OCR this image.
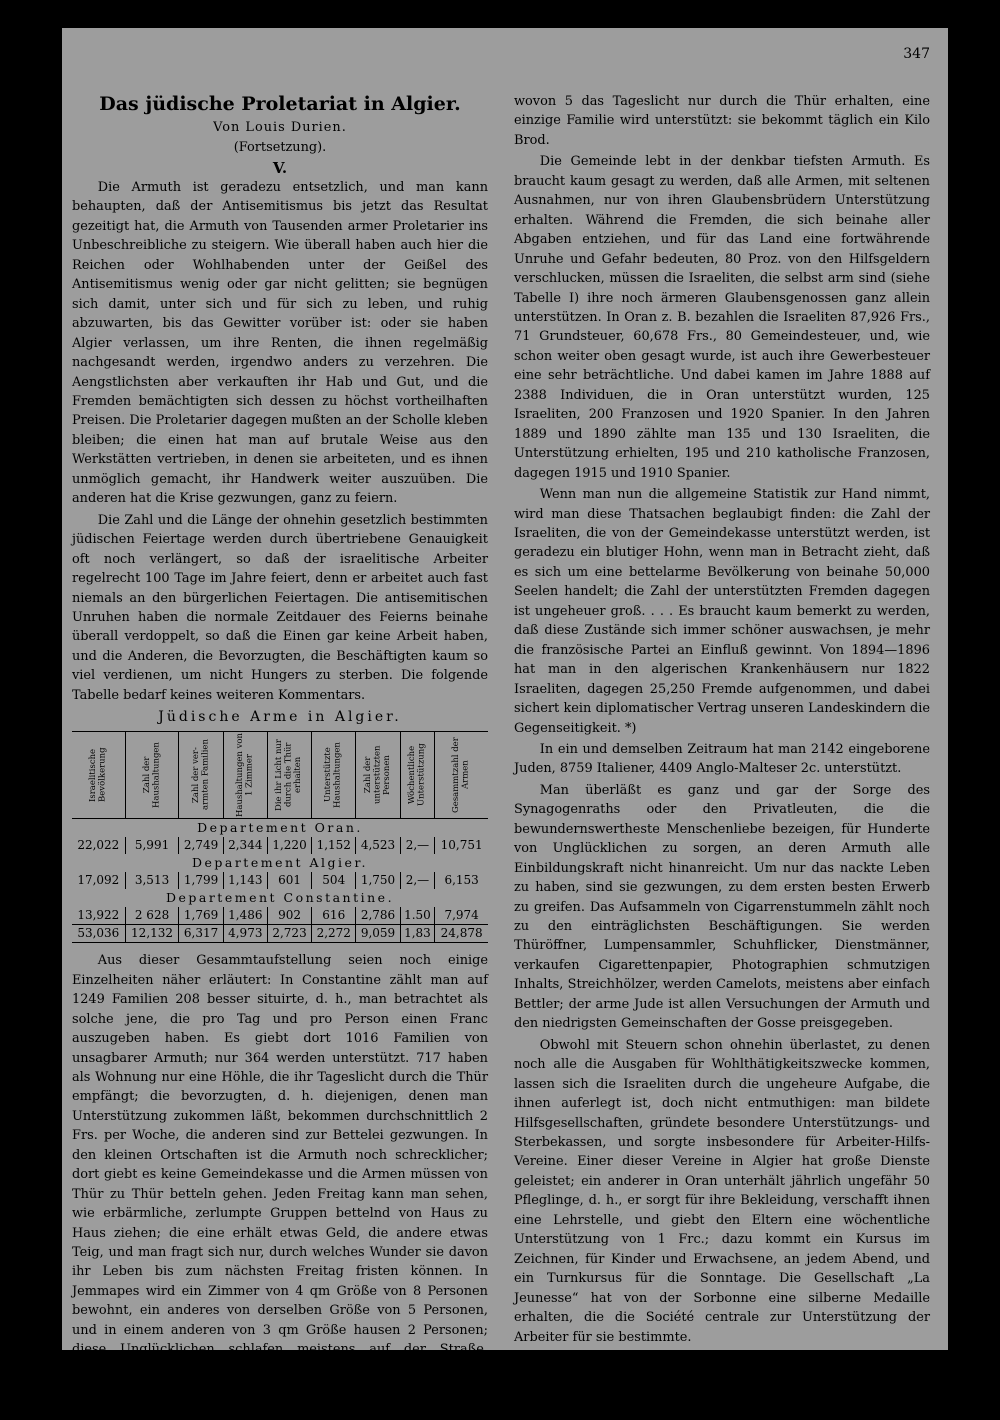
347
Das jüdische Proletariat in Algier.
Von Louis Durien.
(Fortsetzung).
V.
Die Armuth ist geradezu entsetzlich, und man kann behaupten, daß der Antisemitismus bis jetzt das Resultat gezeitigt hat, die Armuth von Tausenden armer Proletarier ins Unbeschreibliche zu steigern. Wie überall haben auch hier die Reichen oder Wohlhabenden unter der Geißel des Antisemitismus wenig oder gar nicht gelitten; sie begnügen sich damit, unter sich und für sich zu leben, und ruhig abzuwarten, bis das Gewitter vorüber ist: oder sie haben Algier verlassen, um ihre Renten, die ihnen regelmäßig nachgesandt werden, irgendwo anders zu verzehren. Die Aengstlichsten aber verkauften ihr Hab und Gut, und die Fremden bemächtigten sich dessen zu höchst vortheilhaften Preisen. Die Proletarier dagegen mußten an der Scholle kleben bleiben; die einen hat man auf brutale Weise aus den Werkstätten vertrieben, in denen sie arbeiteten, und es ihnen unmöglich gemacht, ihr Handwerk weiter auszuüben. Die anderen hat die Krise gezwungen, ganz zu feiern.
Die Zahl und die Länge der ohnehin gesetzlich bestimmten jüdischen Feiertage werden durch übertriebene Genauigkeit oft noch verlängert, so daß der israelitische Arbeiter regelrecht 100 Tage im Jahre feiert, denn er arbeitet auch fast niemals an den bürgerlichen Feiertagen. Die antisemitischen Unruhen haben die normale Zeitdauer des Feierns beinahe überall verdoppelt, so daß die Einen gar keine Arbeit haben, und die Anderen, die Bevorzugten, die Beschäftigten kaum so viel verdienen, um nicht Hungers zu sterben. Die folgende Tabelle bedarf keines weiteren Kommentars.
Jüdische Arme in Algier.
Israelitische Bevölkerung	Zahl der Haushaltungen	Zahl der ver-armten Familien	Haushaltungen von 1 Zimmer	Die ihr Licht nur durch die Thür erhalten	Unterstützte Haushaltungen	Zahl der unterstützten Personen	Wöchentliche Unterstützung	Gesammtzahl der Armen

Departement Oran.								
22,022	5,991	2,749	2,344	1,220	1,152	4,523	2,—	10,751
Departement Algier.								
17,092	3,513	1,799	1,143	601	504	1,750	2,—	6,153
Departement Constantine.								
13,922	2 628	1,769	1,486	902	616	2,786	1.50	7,974
53,036	12,132	6,317	4,973	2,723	2,272	9,059	1,83	24,878
Aus dieser Gesammtaufstellung seien noch einige Einzelheiten näher erläutert: In Constantine zählt man auf 1249 Familien 208 besser situirte, d. h., man betrachtet als solche jene, die pro Tag und pro Person einen Franc auszugeben haben. Es giebt dort 1016 Familien von unsagbarer Armuth; nur 364 werden unterstützt. 717 haben als Wohnung nur eine Höhle, die ihr Tageslicht durch die Thür empfängt; die bevorzugten, d. h. diejenigen, denen man Unterstützung zukommen läßt, bekommen durchschnittlich 2 Frs. per Woche, die anderen sind zur Bettelei gezwungen. In den kleinen Ortschaften ist die Armuth noch schrecklicher; dort giebt es keine Gemeindekasse und die Armen müssen von Thür zu Thür betteln gehen. Jeden Freitag kann man sehen, wie erbärmliche, zerlumpte Gruppen bettelnd von Haus zu Haus ziehen; die eine erhält etwas Geld, die andere etwas Teig, und man fragt sich nur, durch welches Wunder sie davon ihr Leben bis zum nächsten Freitag fristen können. In Jemmapes wird ein Zimmer von 4 qm Größe von 8 Personen bewohnt, ein anderes von derselben Größe von 5 Personen, und in einem anderen von 3 qm Größe hausen 2 Personen; diese Unglücklichen schlafen meistens auf der Straße, besonders im Sommer. In M'sila findet man mitleiderregende „gourbis“; in Biskra bewohnen von 26 Familien 16 nur je eine einzige Stube,
wovon 5 das Tageslicht nur durch die Thür erhalten, eine einzige Familie wird unterstützt: sie bekommt täglich ein Kilo Brod.
Die Gemeinde lebt in der denkbar tiefsten Armuth. Es braucht kaum gesagt zu werden, daß alle Armen, mit seltenen Ausnahmen, nur von ihren Glaubensbrüdern Unterstützung erhalten. Während die Fremden, die sich beinahe aller Abgaben entziehen, und für das Land eine fortwährende Unruhe und Gefahr bedeuten, 80 Proz. von den Hilfsgeldern verschlucken, müssen die Israeliten, die selbst arm sind (siehe Tabelle I) ihre noch ärmeren Glaubensgenossen ganz allein unterstützen. In Oran z. B. bezahlen die Israeliten 87,926 Frs., 71 Grundsteuer, 60,678 Frs., 80 Gemeindesteuer, und, wie schon weiter oben gesagt wurde, ist auch ihre Gewerbesteuer eine sehr beträchtliche. Und dabei kamen im Jahre 1888 auf 2388 Individuen, die in Oran unterstützt wurden, 125 Israeliten, 200 Franzosen und 1920 Spanier. In den Jahren 1889 und 1890 zählte man 135 und 130 Israeliten, die Unterstützung erhielten, 195 und 210 katholische Franzosen, dagegen 1915 und 1910 Spanier.
Wenn man nun die allgemeine Statistik zur Hand nimmt, wird man diese Thatsachen beglaubigt finden: die Zahl der Israeliten, die von der Gemeindekasse unterstützt werden, ist geradezu ein blutiger Hohn, wenn man in Betracht zieht, daß es sich um eine bettelarme Bevölkerung von beinahe 50,000 Seelen handelt; die Zahl der unterstützten Fremden dagegen ist ungeheuer groß. . . . Es braucht kaum bemerkt zu werden, daß diese Zustände sich immer schöner auswachsen, je mehr die französische Partei an Einfluß gewinnt. Von 1894—1896 hat man in den algerischen Krankenhäusern nur 1822 Israeliten, dagegen 25,250 Fremde aufgenommen, und dabei sichert kein diplomatischer Vertrag unseren Landeskindern die Gegenseitigkeit. *)
In ein und demselben Zeitraum hat man 2142 eingeborene Juden, 8759 Italiener, 4409 Anglo-Malteser 2c. unterstützt.
Man überläßt es ganz und gar der Sorge des Synagogenraths oder den Privatleuten, die die bewundernswertheste Menschenliebe bezeigen, für Hunderte von Unglücklichen zu sorgen, an deren Armuth alle Einbildungskraft nicht hinanreicht. Um nur das nackte Leben zu haben, sind sie gezwungen, zu dem ersten besten Erwerb zu greifen. Das Aufsammeln von Cigarrenstummeln zählt noch zu den einträglichsten Beschäftigungen. Sie werden Thüröffner, Lumpensammler, Schuhflicker, Dienstmänner, verkaufen Cigarettenpapier, Photographien schmutzigen Inhalts, Streichhölzer, werden Camelots, meistens aber einfach Bettler; der arme Jude ist allen Versuchungen der Armuth und den niedrigsten Gemeinschaften der Gosse preisgegeben.
Obwohl mit Steuern schon ohnehin überlastet, zu denen noch alle die Ausgaben für Wohlthätigkeitszwecke kommen, lassen sich die Israeliten durch die ungeheure Aufgabe, die ihnen auferlegt ist, doch nicht entmuthigen: man bildete Hilfsgesellschaften, gründete besondere Unterstützungs- und Sterbekassen, und sorgte insbesondere für Arbeiter-Hilfs-Vereine. Einer dieser Vereine in Algier hat große Dienste geleistet; ein anderer in Oran unterhält jährlich ungefähr 50 Pfleglinge, d. h., er sorgt für ihre Bekleidung, verschafft ihnen eine Lehrstelle, und giebt den Eltern eine wöchentliche Unterstützung von 1 Frc.; dazu kommt ein Kursus im Zeichnen, für Kinder und Erwachsene, an jedem Abend, und ein Turnkursus für die Sonntage. Die Gesellschaft „La Jeunesse“ hat von der Sorbonne eine silberne Medaille erhalten, die die Société centrale zur Unterstützung der Arbeiter für sie bestimmte.
Aber was helfen diese Anstrengungen, so lobenswerth sie auch sind, wenn es außer diesen 413 Familien, die durch
(* Lenormand. Péril étranger, 361—364.
